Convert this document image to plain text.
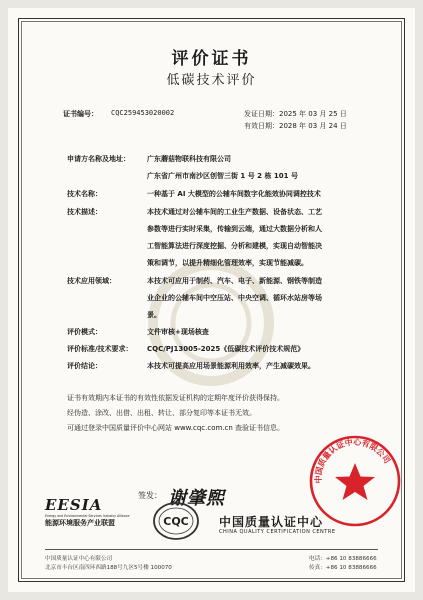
评价证书
低碳技术评价
证书编号： CQC259453020002	发证日期：2025 年 03 月 25 日
有效日期：2028 年 03 月 24 日
申请方名称及地址： 广东蘑菇物联科技有限公司
广东省广州市南沙区创智三街 1 号 2 栋 101 号
技术名称：	一种基于 AI 大模型的公辅车间数字化能效协同调控技术
技术描述：	本技术通过对公辅车间的工业生产数据、设备状态、工艺
参数等进行实时采集，传输到云端，通过大数据分析和人
工智能算法进行深度挖掘、分析和建模，实现自动智能决
策和调节，以提升精细化管理效率，实现节能减碳。
技术应用领域：	本技术可应用于制药、汽车、电子、新能源、钢铁等制造
业企业的公辅车间中空压站、中央空调、循环水站房等场
景。
评价模式：	文件审核+现场核查
评价标准/技术要求： CQC/PJ13005-2025《低碳技术评价技术规范》
评价结论：	本技术可提高应用场景能源利用效率，产生减碳效果。
证书有效期内本证书的有效性依据发证机构的定期年度评价获得保持。
经伪造、涂改、出借、出租、转让、部分复印等本证书无效。
可通过登录中国质量评价中心网站 www.cqc.com.cn 查验证书信息。
签发： 谢肇煕
中国质量认证中心有限公司
EESIA
Energy and Environmental Services Industry Alliance
能源环境服务产业联盟	CQC	中国质量认证中心
CHINA QUALITY CERTIFICATION CENTRE
中国质量认证中心有限公司
北京市丰台区南四环西路188号九区5号楼 100070
电话：+86 10 83886666
传真：+86 10 83886666
